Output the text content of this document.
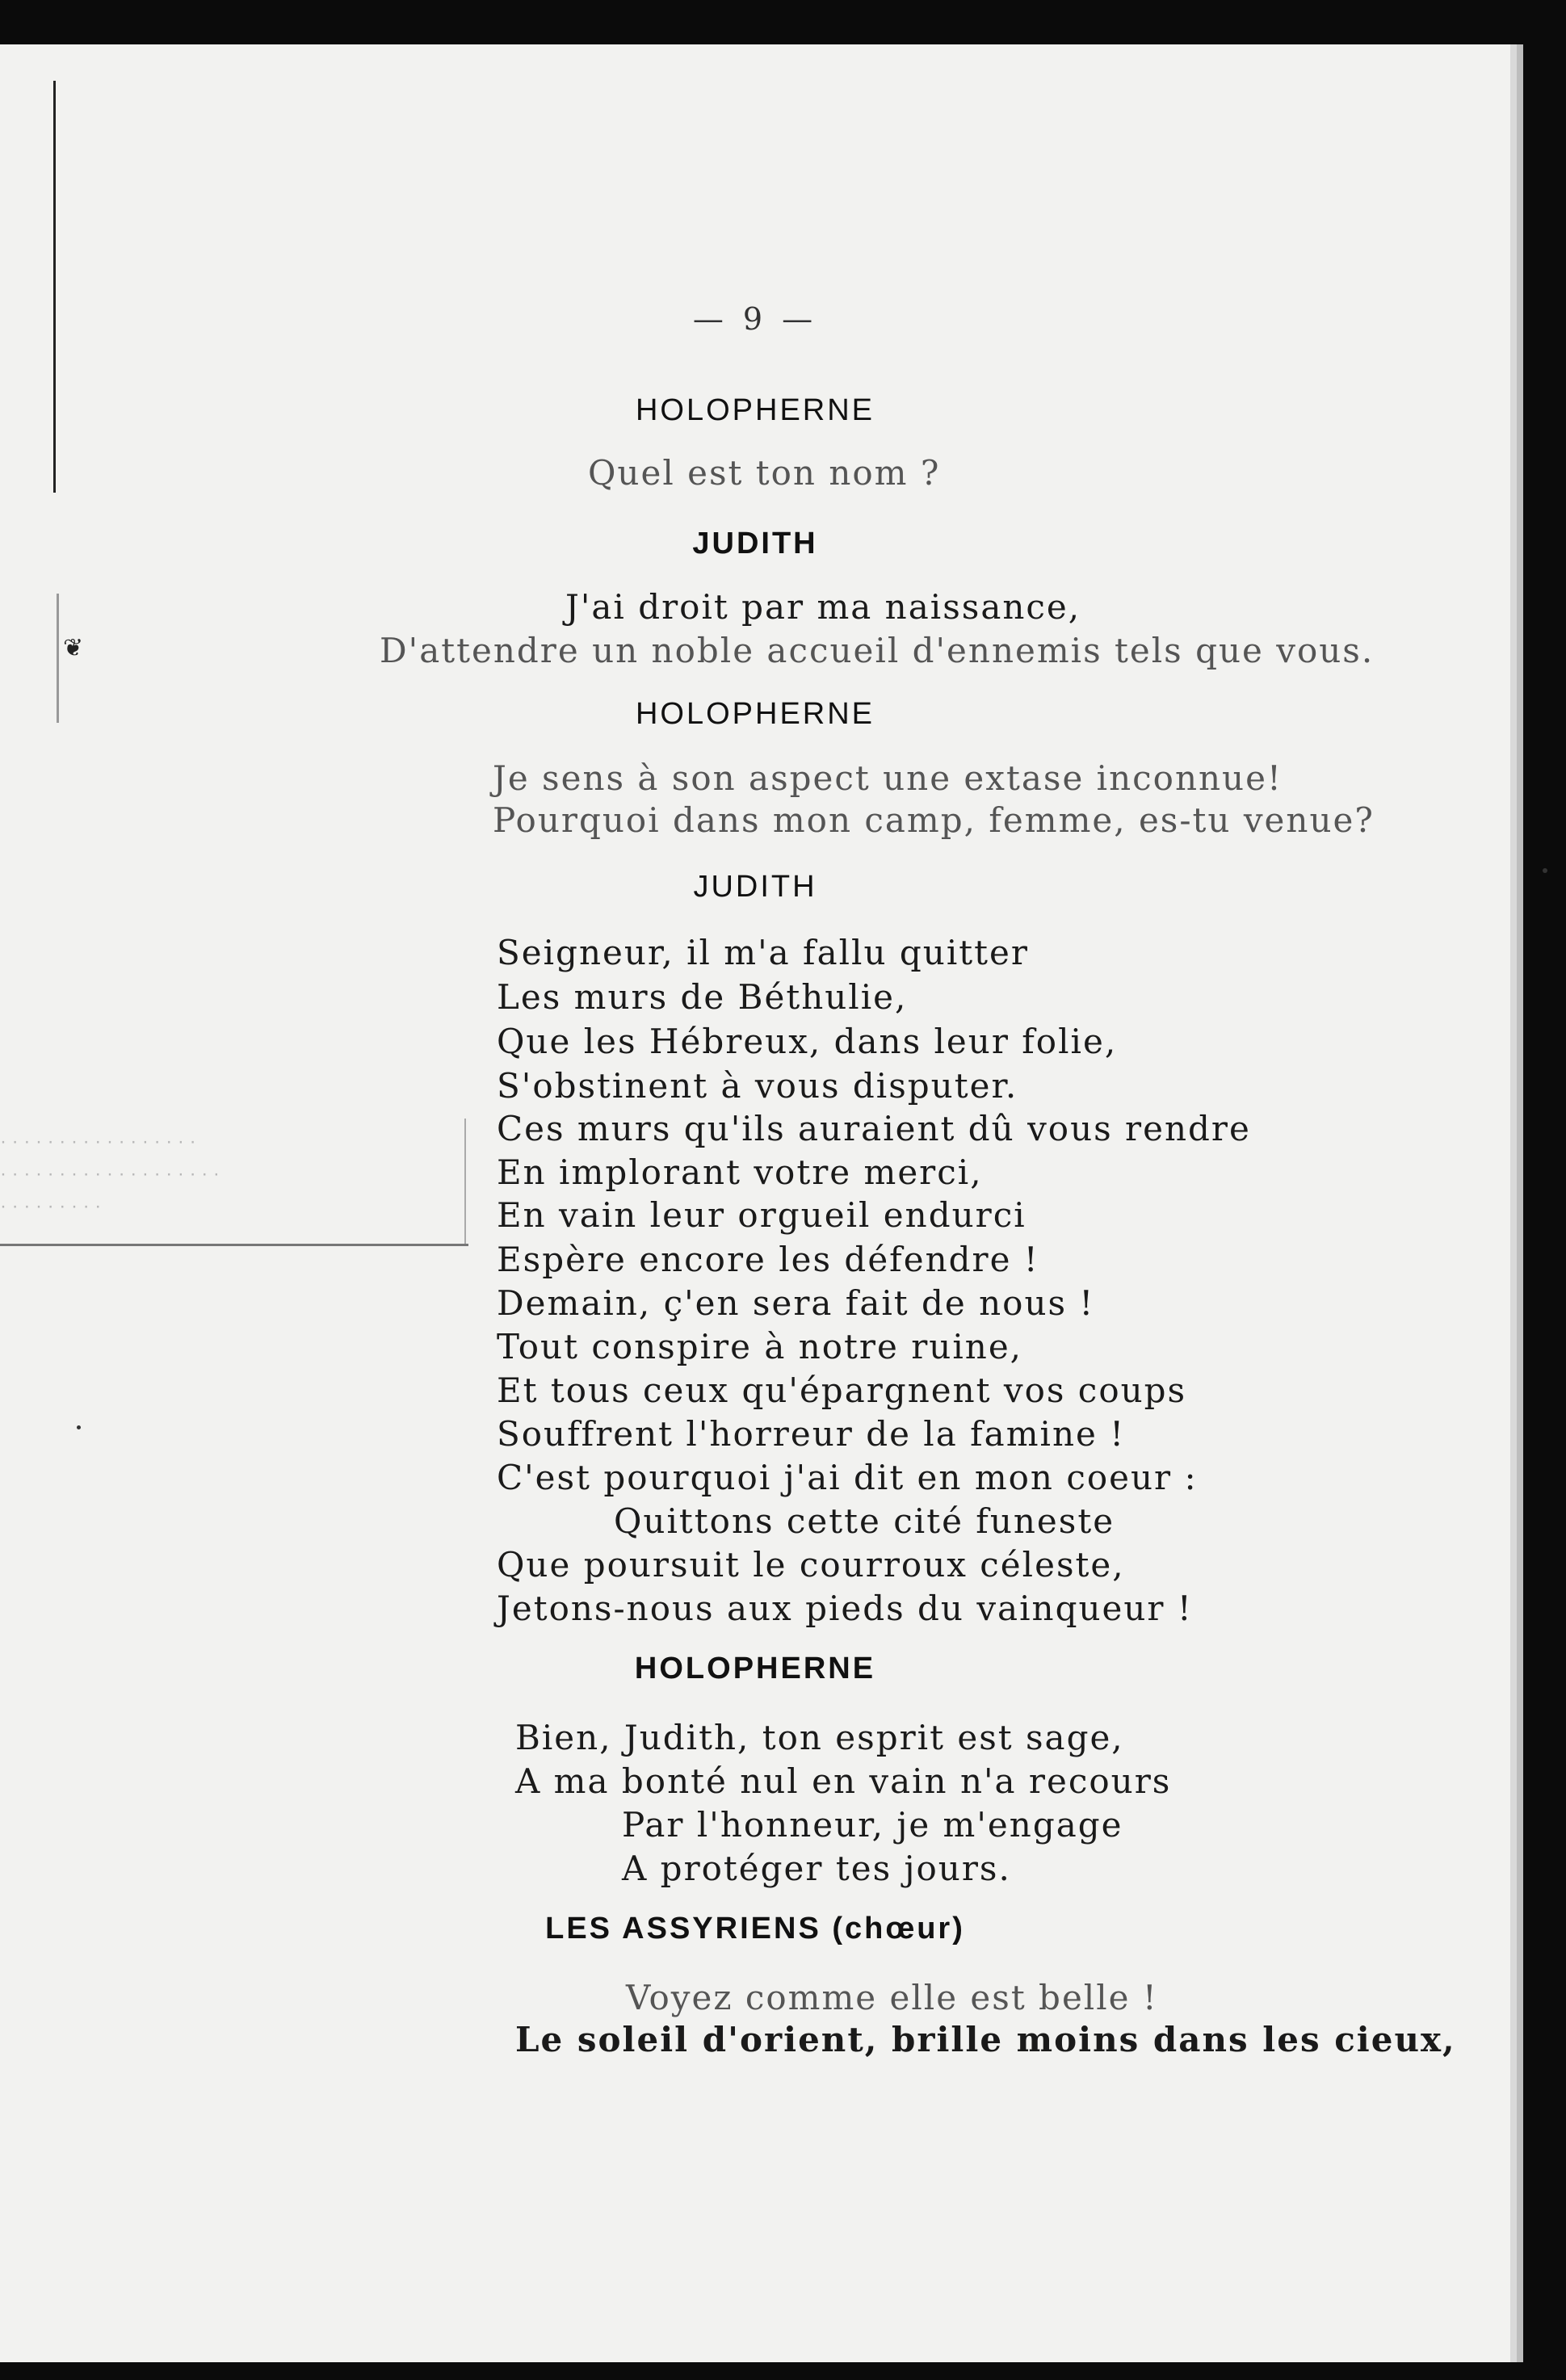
❦
· · · · · · · · · · · · · · · · ·
· · · · · · · · · · · · · · · · · · ·
· · · · · · · · ·
— 9 —
HOLOPHERNE

Quel est ton nom ?

JUDITH

J'ai droit par ma naissance,

D'attendre un noble accueil d'ennemis tels que vous.

HOLOPHERNE

Je sens à son aspect une extase inconnue!

Pourquoi dans mon camp, femme, es-tu venue?

JUDITH

Seigneur, il m'a fallu quitter

Les murs de Béthulie,

Que les Hébreux, dans leur folie,

S'obstinent à vous disputer.

Ces murs qu'ils auraient dû vous rendre

En implorant votre merci,

En vain leur orgueil endurci

Espère encore les défendre !

Demain, ç'en sera fait de nous !

Tout conspire à notre ruine,

Et tous ceux qu'épargnent vos coups

Souffrent l'horreur de la famine !

C'est pourquoi j'ai dit en mon coeur :

Quittons cette cité funeste

Que poursuit le courroux céleste,

Jetons-nous aux pieds du vainqueur !

HOLOPHERNE

Bien, Judith, ton esprit est sage,

A ma bonté nul en vain n'a recours

Par l'honneur, je m'engage

A protéger tes jours.

LES ASSYRIENS (chœur)

Voyez comme elle est belle !

Le soleil d'orient, brille moins dans les cieux,
